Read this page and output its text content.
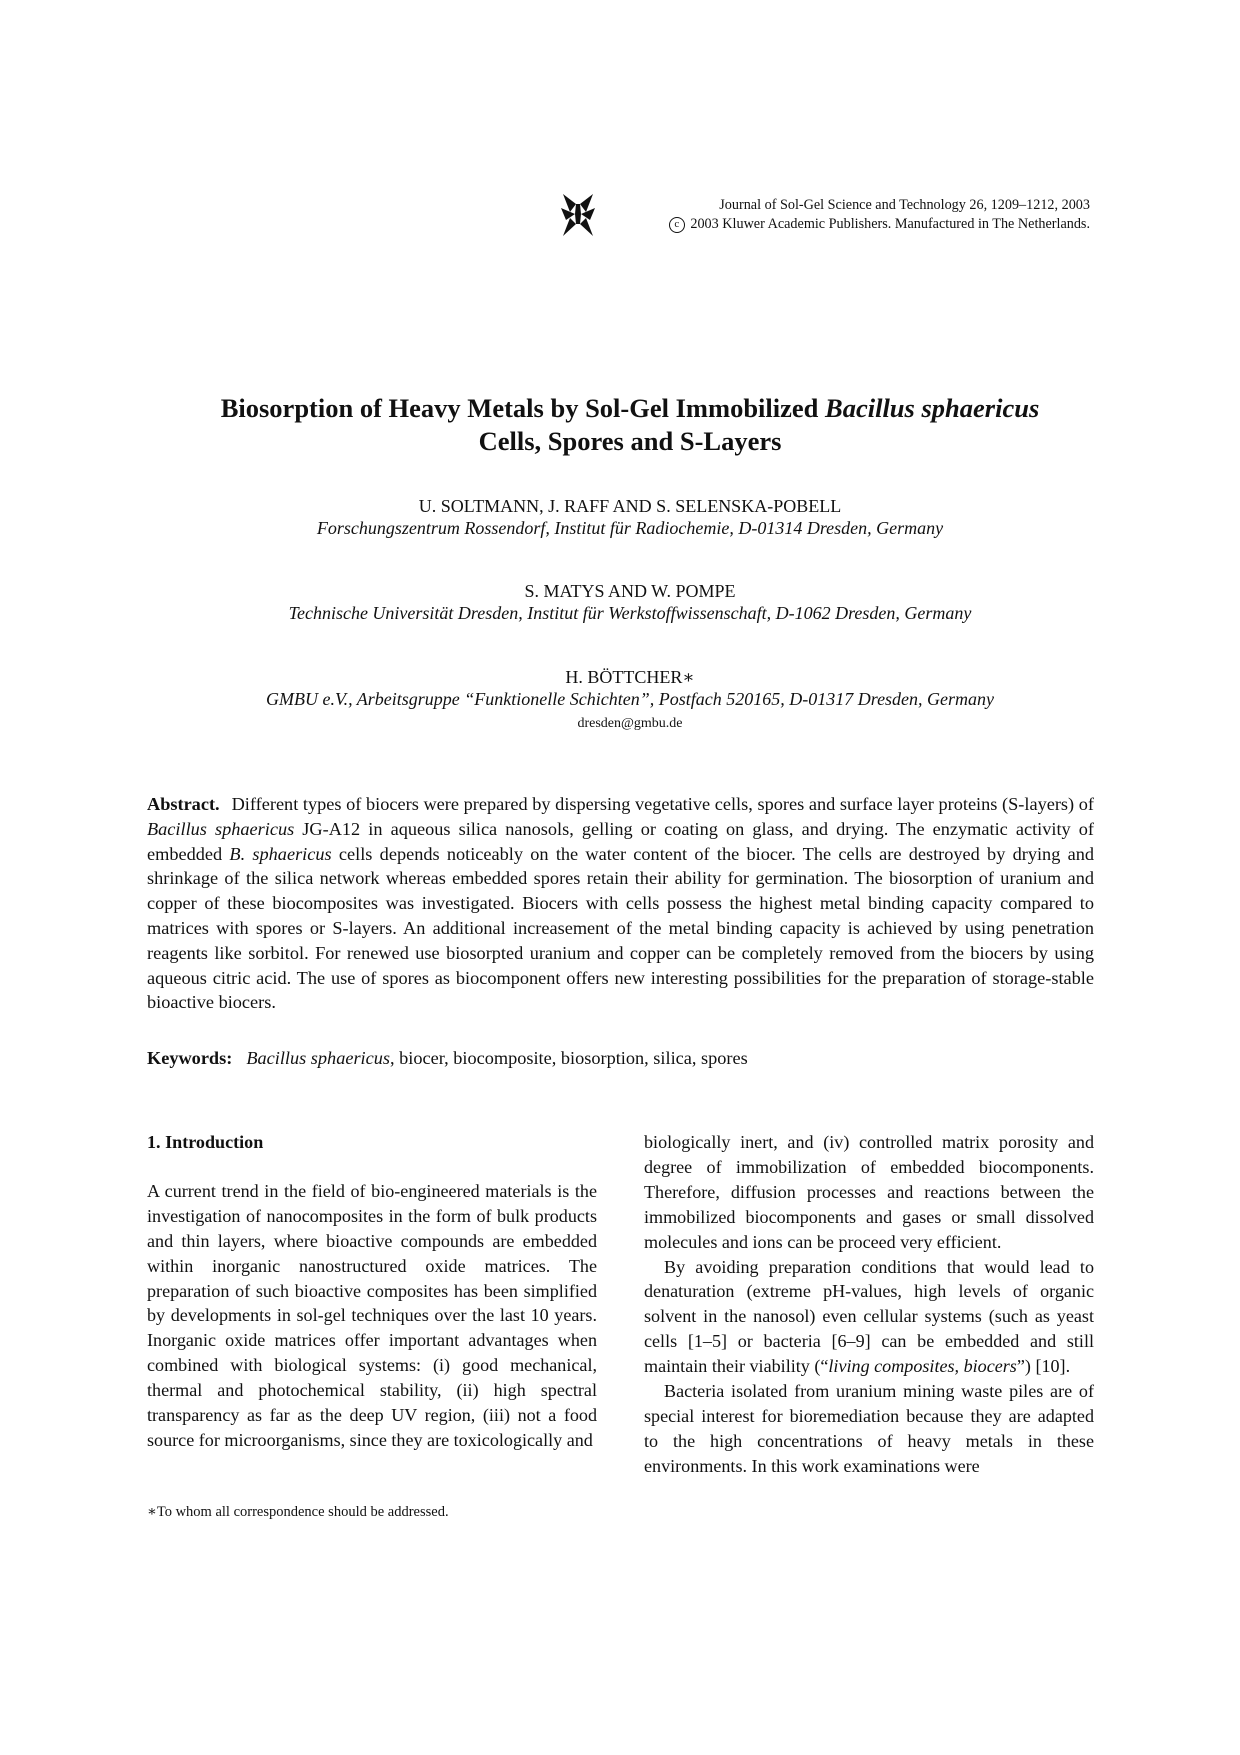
Journal of Sol-Gel Science and Technology 26, 1209–1212, 2003
c 2003 Kluwer Academic Publishers. Manufactured in The Netherlands.
Biosorption of Heavy Metals by Sol-Gel Immobilized Bacillus sphaericus
Cells, Spores and S-Layers
U. SOLTMANN, J. RAFF AND S. SELENSKA-POBELL
Forschungszentrum Rossendorf, Institut für Radiochemie, D-01314 Dresden, Germany
S. MATYS AND W. POMPE
Technische Universität Dresden, Institut für Werkstoffwissenschaft, D-1062 Dresden, Germany
H. BÖTTCHER∗
GMBU e.V., Arbeitsgruppe “Funktionelle Schichten”, Postfach 520165, D-01317 Dresden, Germany
dresden@gmbu.de
Abstract. Different types of biocers were prepared by dispersing vegetative cells, spores and surface layer proteins (S-layers) of Bacillus sphaericus JG-A12 in aqueous silica nanosols, gelling or coating on glass, and drying. The enzymatic activity of embedded B. sphaericus cells depends noticeably on the water content of the biocer. The cells are destroyed by drying and shrinkage of the silica network whereas embedded spores retain their ability for germination. The biosorption of uranium and copper of these biocomposites was investigated. Biocers with cells possess the highest metal binding capacity compared to matrices with spores or S-layers. An additional increasement of the metal binding capacity is achieved by using penetration reagents like sorbitol. For renewed use biosorpted uranium and copper can be completely removed from the biocers by using aqueous citric acid. The use of spores as biocomponent offers new interesting possibilities for the preparation of storage-stable bioactive biocers.
Keywords: Bacillus sphaericus, biocer, biocomposite, biosorption, silica, spores
1. Introduction

A current trend in the field of bio-engineered materials is the investigation of nanocomposites in the form of bulk products and thin layers, where bioactive compounds are embedded within inorganic nanostructured oxide matrices. The preparation of such bioactive composites has been simplified by developments in sol-gel techniques over the last 10 years. Inorganic oxide matrices offer important advantages when combined with biological systems: (i) good mechanical, thermal and photochemical stability, (ii) high spectral transparency as far as the deep UV region, (iii) not a food source for microorganisms, since they are toxicologically and

biologically inert, and (iv) controlled matrix porosity and degree of immobilization of embedded biocomponents. Therefore, diffusion processes and reactions between the immobilized biocomponents and gases or small dissolved molecules and ions can be proceed very efficient.

By avoiding preparation conditions that would lead to denaturation (extreme pH-values, high levels of organic solvent in the nanosol) even cellular systems (such as yeast cells [1–5] or bacteria [6–9] can be embedded and still maintain their viability (“living composites, biocers”) [10].

Bacteria isolated from uranium mining waste piles are of special interest for bioremediation because they are adapted to the high concentrations of heavy metals in these environments. In this work examinations were

∗To whom all correspondence should be addressed.
